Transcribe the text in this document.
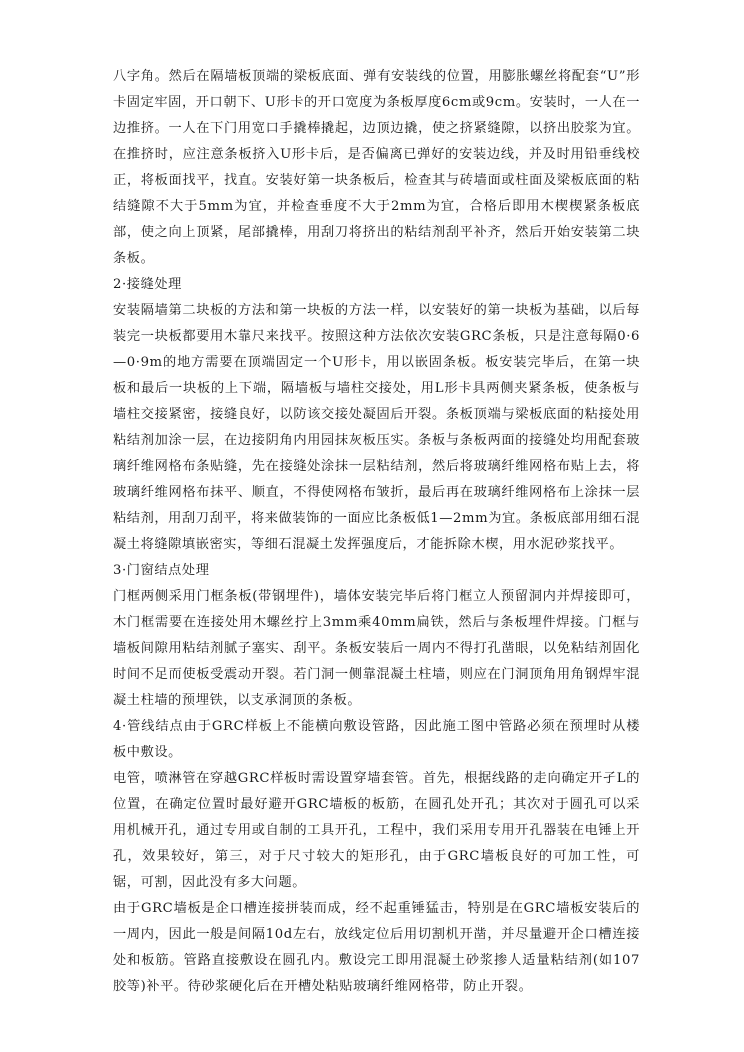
八字角。然后在隔墙板顶端的梁板底面、弹有安装线的位置，用膨胀螺丝将配套“U”形卡固定牢固，开口朝下、U形卡的开口宽度为条板厚度6cm或9cm。安装时，一人在一边推挤。一人在下门用宽口手撬棒撬起，边顶边撬，使之挤紧缝隙，以挤出胶浆为宜。在推挤时，应注意条板挤入U形卡后，是否偏离已弹好的安装边线，并及时用铅垂线校正，将板面找平，找直。安装好第一块条板后，检查其与砖墙面或柱面及梁板底面的粘结缝隙不大于5mm为宜，并检查垂度不大于2mm为宜，合格后即用木楔楔紧条板底部，使之向上顶紧，尾部撬棒，用刮刀将挤出的粘结剂刮平补齐，然后开始安装第二块条板。

2·接缝处理

安装隔墙第二块板的方法和第一块板的方法一样，以安装好的第一块板为基础，以后每装完一块板都要用木靠尺来找平。按照这种方法依次安装GRC条板，只是注意每隔0·6—0·9m的地方需要在顶端固定一个U形卡，用以嵌固条板。板安装完毕后，在第一块板和最后一块板的上下端，隔墙板与墙柱交接处，用L形卡具两侧夹紧条板，使条板与墙柱交接紧密，接缝良好，以防该交接处凝固后开裂。条板顶端与梁板底面的粘接处用粘结剂加涂一层，在边接阴角内用园抹灰板压实。条板与条板两面的接缝处均用配套玻璃纤维网格布条贴缝，先在接缝处涂抹一层粘结剂，然后将玻璃纤维网格布贴上去，将玻璃纤维网格布抹平、顺直，不得使网格布皱折，最后再在玻璃纤维网格布上涂抹一层粘结剂，用刮刀刮平，将来做装饰的一面应比条板低1—2mm为宜。条板底部用细石混凝土将缝隙填嵌密实，等细石混凝土发挥强度后，才能拆除木楔，用水泥砂浆找平。

3·门窗结点处理

门框两侧采用门框条板(带钢埋件)，墙体安装完毕后将门框立人预留洞内并焊接即可，木门框需要在连接处用木螺丝拧上3mm乘40mm扁铁，然后与条板埋件焊接。门框与墙板间隙用粘结剂腻子塞实、刮平。条板安装后一周内不得打孔凿眼，以免粘结剂固化时间不足而使板受震动开裂。若门洞一侧靠混凝土柱墙，则应在门洞顶角用角钢焊牢混凝土柱墙的预埋铁，以支承洞顶的条板。

4·管线结点由于GRC样板上不能横向敷设管路，因此施工图中管路必须在预埋时从楼板中敷设。

电管，喷淋管在穿越GRC样板时需设置穿墙套管。首先，根据线路的走向确定开孑L的位置，在确定位置时最好避开GRC墙板的板筋，在圆孔处开孔；其次对于圆孔可以采用机械开孔，通过专用或自制的工具开孔，工程中，我们采用专用开孔器装在电锤上开孔，效果较好，第三，对于尺寸较大的矩形孔，由于GRC墙板良好的可加工性，可锯，可割，因此没有多大问题。

由于GRC墙板是企口槽连接拼装而成，经不起重锤猛击，特别是在GRC墙板安装后的一周内，因此一般是间隔10d左右，放线定位后用切割机开凿，并尽量避开企口槽连接处和板筋。管路直接敷设在圆孔内。敷设完工即用混凝土砂浆掺人适量粘结剂(如107胶等)补平。待砂浆硬化后在开槽处粘贴玻璃纤维网格带，防止开裂。
